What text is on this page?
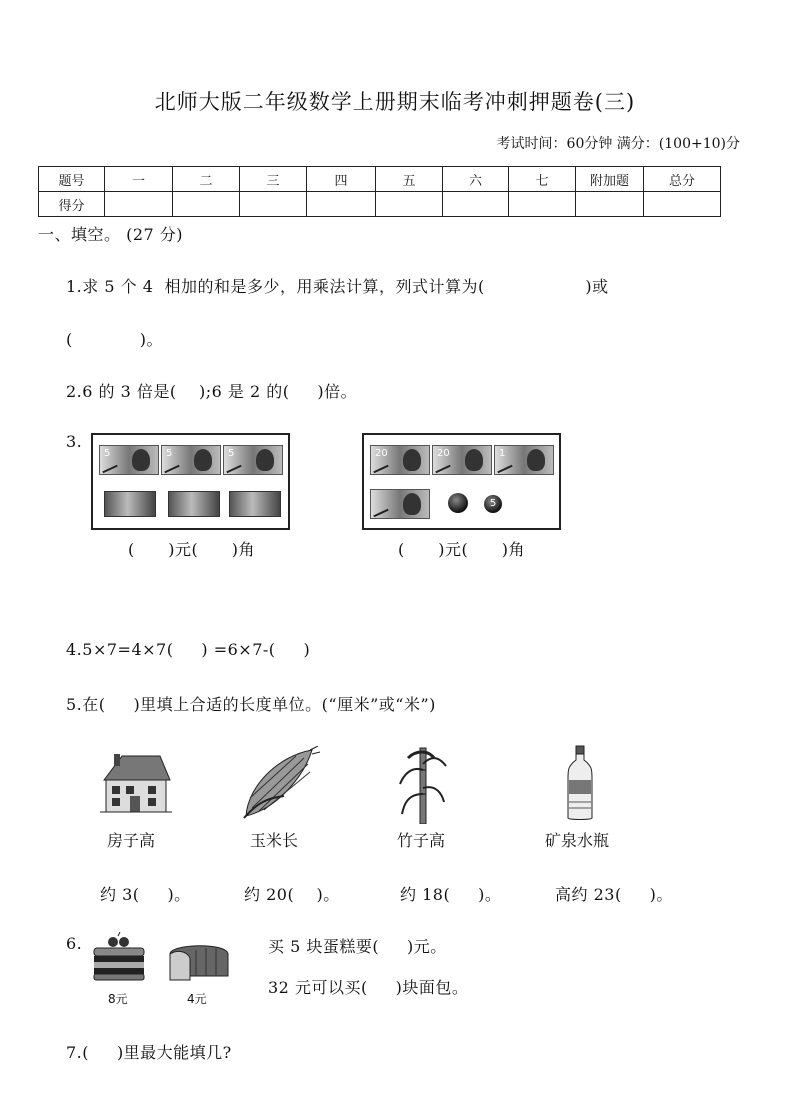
北师大版二年级数学上册期末临考冲刺押题卷(三)
考试时间：60分钟 满分：(100+10)分
题号	一	二	三	四	五	六	七	附加题	总分
得分									
一、填空。 (27 分)
1.求 5 个 4  相加的和是多少，用乘法计算，列式计算为(                  )或
(            )。
2.6 的 3 倍是(    );6 是 2 的(     )倍。
3.
5	5	5	20	20	1
5
(      )元(      )角	(      )元(      )角
4.5×7=4×7(     ) =6×7-(     )
5.在(     )里填上合适的长度单位。(“厘米”或“米”)
房子高	玉米长	竹子高	矿泉水瓶
约 3(     )。	约 20(    )。	约 18(     )。	高约 23(     )。
6.
8元	4元
买 5 块蛋糕要(     )元。
32 元可以买(     )块面包。
7.(     )里最大能填几?
